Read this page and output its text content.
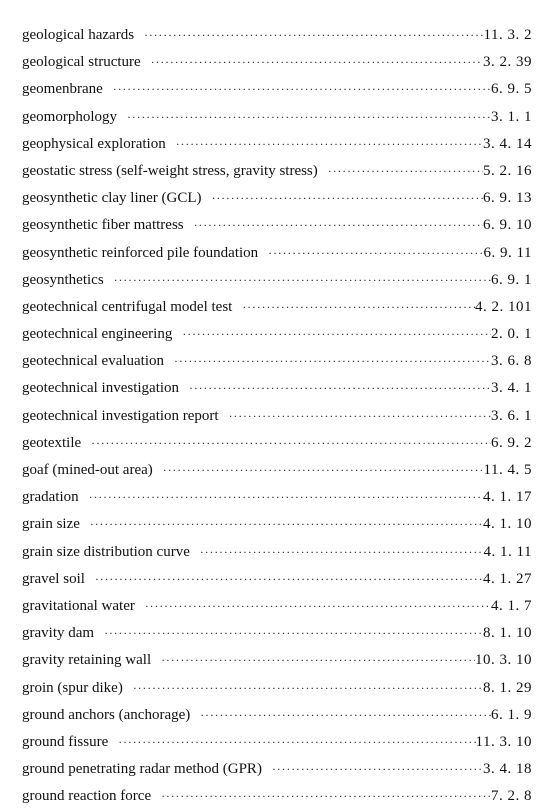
geological hazards ·····	11. 3. 2
geological structure ·····	3. 2. 39
geomenbrane ·····	6. 9. 5
geomorphology ·····	3. 1. 1
geophysical exploration ·····	3. 4. 14
geostatic stress (self-weight stress, gravity stress) ·····	5. 2. 16
geosynthetic clay liner (GCL) ·····	6. 9. 13
geosynthetic fiber mattress ·····	6. 9. 10
geosynthetic reinforced pile foundation ·····	6. 9. 11
geosynthetics ·····	6. 9. 1
geotechnical centrifugal model test ·····	4. 2. 101
geotechnical engineering ·····	2. 0. 1
geotechnical evaluation ·····	3. 6. 8
geotechnical investigation ·····	3. 4. 1
geotechnical investigation report ·····	3. 6. 1
geotextile ·····	6. 9. 2
goaf (mined-out area) ·····	11. 4. 5
gradation ·····	4. 1. 17
grain size ·····	4. 1. 10
grain size distribution curve ·····	4. 1. 11
gravel soil ·····	4. 1. 27
gravitational water ·····	4. 1. 7
gravity dam ·····	8. 1. 10
gravity retaining wall ·····	10. 3. 10
groin (spur dike) ·····	8. 1. 29
ground anchors (anchorage) ·····	6. 1. 9
ground fissure ·····	11. 3. 10
ground penetrating radar method (GPR) ·····	3. 4. 18
ground reaction force ·····	7. 2. 8
